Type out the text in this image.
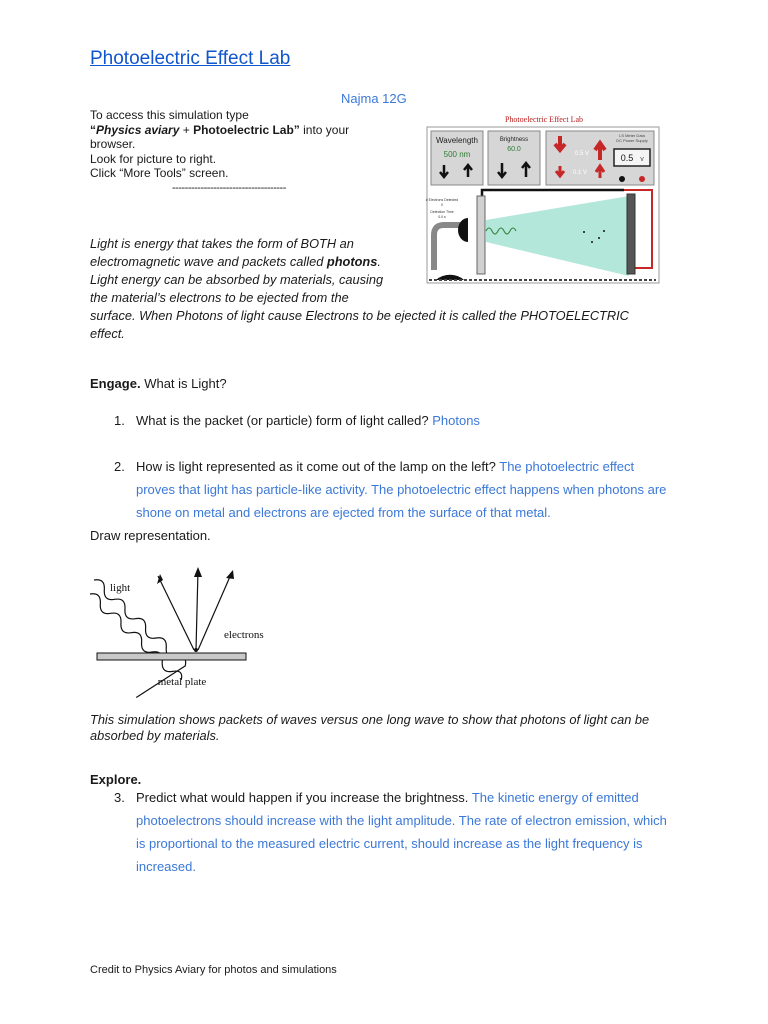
Photoelectric Effect Lab
Najma 12G

To access this simulation type

“Physics aviary + Photoelectric Lab” into your

browser.

Look for picture to right.

Click “More Tools” screen.

------------------------------------
Photoelectric Effect Lab
Wavelength
500 nm
Brightness
60.0
LS Meter Data
DC Power Supply
0.5 V	0.5 V
0.1 V
# Electrons Detected
0
Detection Time
0.0 s
Light is energy that takes the form of BOTH an
electromagnetic wave and packets called photons.
Light energy can be absorbed by materials, causing
the material’s electrons to be ejected from the
surface. When Photons of light cause Electrons to be ejected it is called the PHOTOELECTRIC
effect.
Engage. What is Light?
1. What is the packet (or particle) form of light called? Photons
2. How is light represented as it come out of the lamp on the left? The photoelectric effect proves that light has particle-like activity. The photoelectric effect happens when photons are shone on metal and electrons are ejected from the surface of that metal.
Draw representation.
light
electrons
metal plate
This simulation shows packets of waves versus one long wave to show that photons of light can be absorbed by materials.
Explore.
3. Predict what would happen if you increase the brightness. The kinetic energy of emitted photoelectrons should increase with the light amplitude. The rate of electron emission, which is proportional to the measured electric current, should increase as the light frequency is increased.
Credit to Physics Aviary for photos and simulations
